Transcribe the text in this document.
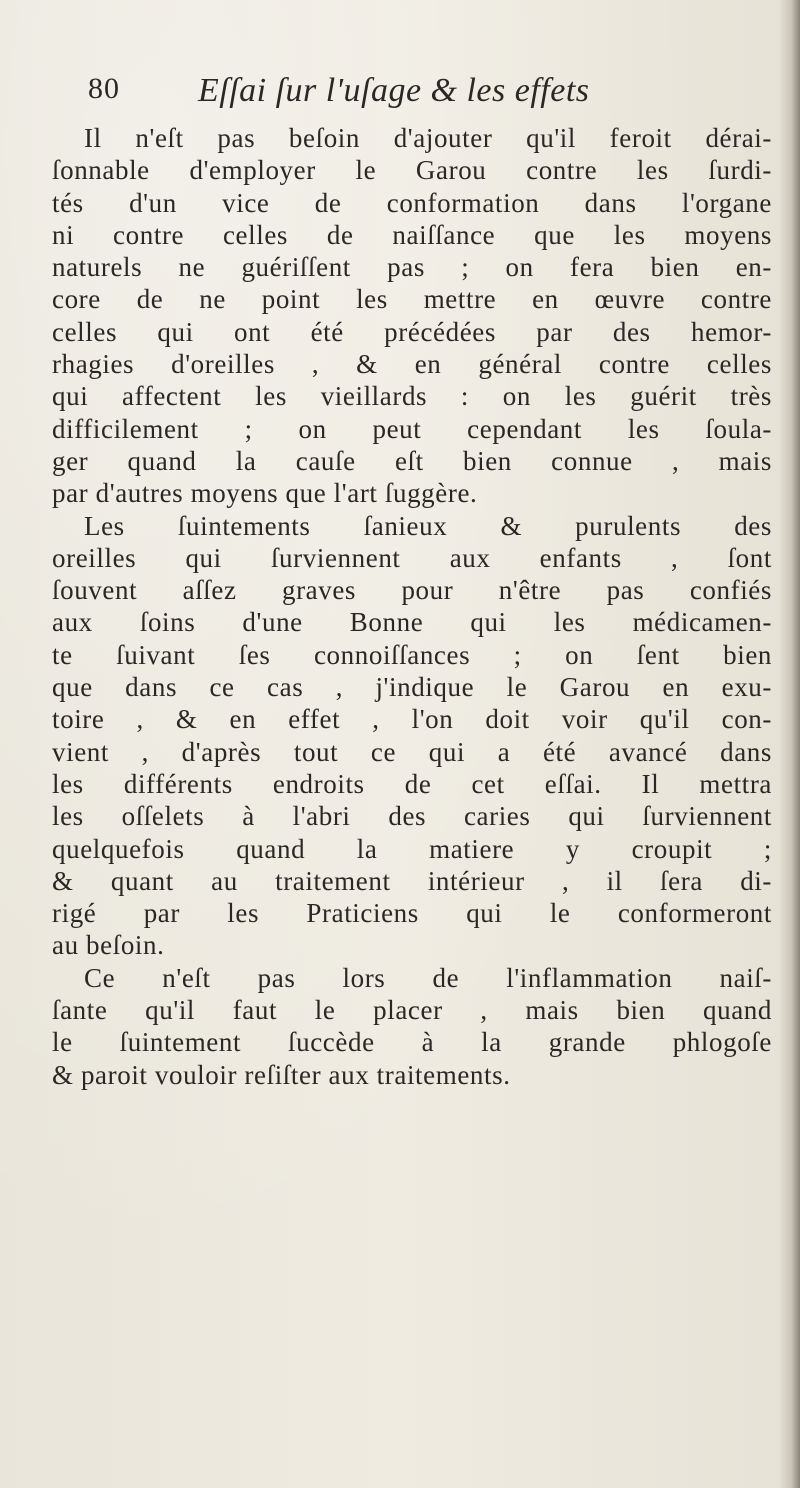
80 Eſſai ſur l'uſage & les effets
Il n'eſt pas beſoin d'ajouter qu'il feroit dérai-
ſonnable d'employer le Garou contre les ſurdi-
tés d'un vice de conformation dans l'organe
ni contre celles de naiſſance que les moyens
naturels ne guériſſent pas ; on fera bien en-
core de ne point les mettre en œuvre contre
celles qui ont été précédées par des hemor-
rhagies d'oreilles , & en général contre celles
qui affectent les vieillards : on les guérit très
difficilement ; on peut cependant les ſoula-
ger quand la cauſe eſt bien connue , mais
par d'autres moyens que l'art ſuggère.
Les ſuintements ſanieux & purulents des
oreilles qui ſurviennent aux enfants , ſont
ſouvent aſſez graves pour n'être pas confiés
aux ſoins d'une Bonne qui les médicamen-
te ſuivant ſes connoiſſances ; on ſent bien
que dans ce cas , j'indique le Garou en exu-
toire , & en effet , l'on doit voir qu'il con-
vient , d'après tout ce qui a été avancé dans
les différents endroits de cet eſſai. Il mettra
les oſſelets à l'abri des caries qui ſurviennent
quelquefois quand la matiere y croupit ;
& quant au traitement intérieur , il ſera di-
rigé par les Praticiens qui le conformeront
au beſoin.
Ce n'eſt pas lors de l'inflammation naiſ-
ſante qu'il faut le placer , mais bien quand
le ſuintement ſuccède à la grande phlogoſe
& paroit vouloir reſiſter aux traitements.
